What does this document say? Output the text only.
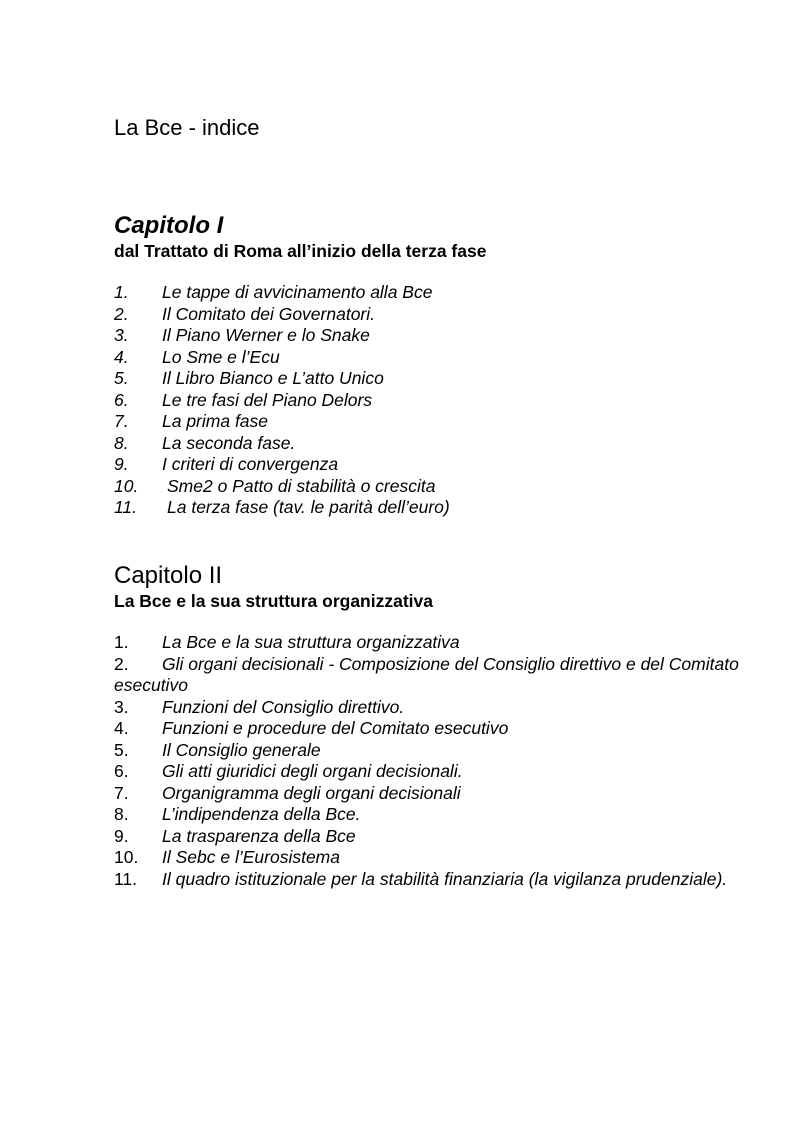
La Bce - indice
Capitolo I
dal Trattato di Roma all’inizio della terza fase
1. Le tappe di avvicinamento alla Bce
2. Il Comitato dei Governatori.
3. Il Piano Werner e lo Snake
4. Lo Sme e l’Ecu
5. Il Libro Bianco e L’atto Unico
6. Le tre fasi del Piano Delors
7. La prima fase
8. La seconda fase.
9. I criteri di convergenza
10. Sme2 o Patto di stabilità o crescita
11. La terza fase (tav. le parità dell’euro)
Capitolo II
La Bce e la sua struttura organizzativa
1. La Bce e la sua struttura organizzativa
2. Gli organi decisionali - Composizione del Consiglio direttivo e del Comitato esecutivo
3. Funzioni del Consiglio direttivo.
4. Funzioni e procedure del Comitato esecutivo
5. Il Consiglio generale
6. Gli atti giuridici degli organi decisionali.
7. Organigramma degli organi decisionali
8. L’indipendenza della Bce.
9. La trasparenza della Bce
10. Il Sebc e l’Eurosistema
11. Il quadro istituzionale per la stabilità finanziaria (la vigilanza prudenziale).
